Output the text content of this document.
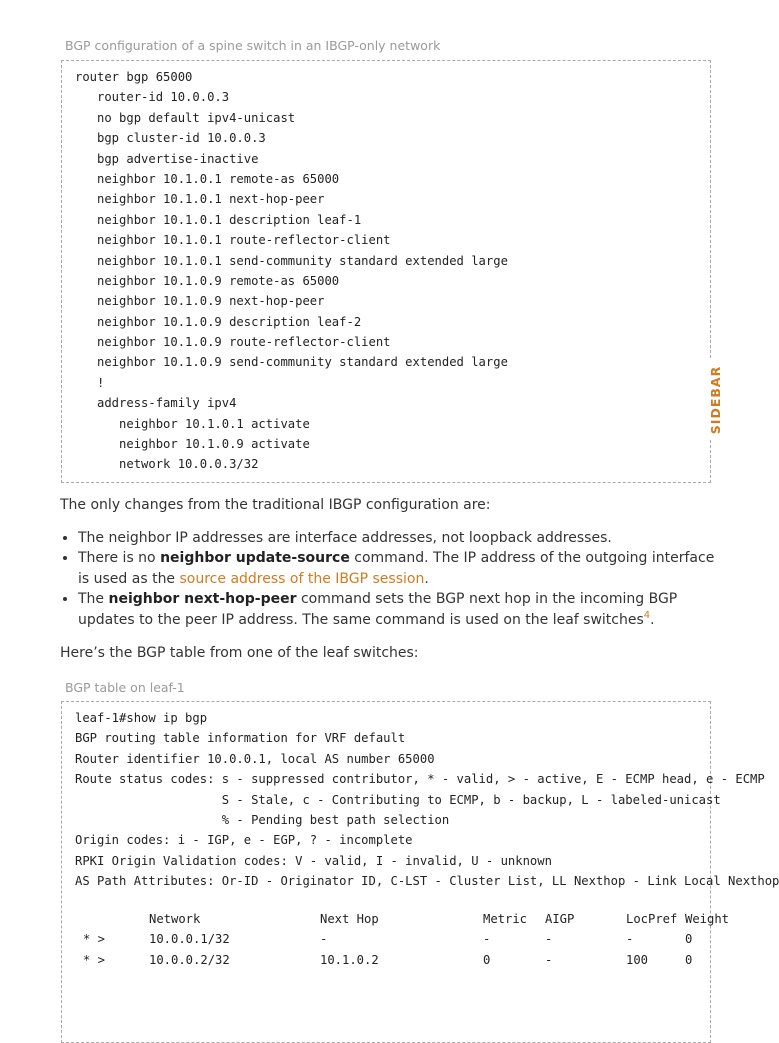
BGP configuration of a spine switch in an IBGP-only network
router bgp 65000
router-id 10.0.0.3
no bgp default ipv4-unicast
bgp cluster-id 10.0.0.3
bgp advertise-inactive
neighbor 10.1.0.1 remote-as 65000
neighbor 10.1.0.1 next-hop-peer
neighbor 10.1.0.1 description leaf-1
neighbor 10.1.0.1 route-reflector-client
neighbor 10.1.0.1 send-community standard extended large
neighbor 10.1.0.9 remote-as 65000
neighbor 10.1.0.9 next-hop-peer
neighbor 10.1.0.9 description leaf-2
neighbor 10.1.0.9 route-reflector-client
neighbor 10.1.0.9 send-community standard extended large
!
address-family ipv4
neighbor 10.1.0.1 activate
neighbor 10.1.0.9 activate
network 10.0.0.3/32
SIDEBAR
The only changes from the traditional IBGP configuration are:
• The neighbor IP addresses are interface addresses, not loopback addresses.
• There is no neighbor update-source command. The IP address of the outgoing interface is used as the source address of the IBGP session.
• The neighbor next-hop-peer command sets the BGP next hop in the incoming BGP updates to the peer IP address. The same command is used on the leaf switches$^4$.
Here’s the BGP table from one of the leaf switches:
BGP table on leaf-1
leaf-1#show ip bgp
BGP routing table information for VRF default
Router identifier 10.0.0.1, local AS number 65000
Route status codes: s - suppressed contributor, * - valid, > - active, E - ECMP head, e - ECMP
S - Stale, c - Contributing to ECMP, b - backup, L - labeled-unicast
% - Pending best path selection
Origin codes: i - IGP, e - EGP, ? - incomplete
RPKI Origin Validation codes: V - valid, I - invalid, U - unknown
AS Path Attributes: Or-ID - Originator ID, C-LST - Cluster List, LL Nexthop - Link Local Nexthop
Network	Next Hop	Metric AIGP	LocPref Weight
* >	10.0.0.1/32	-	-	-	-	0
* >	10.0.0.2/32	10.1.0.2	0	-	100	0
